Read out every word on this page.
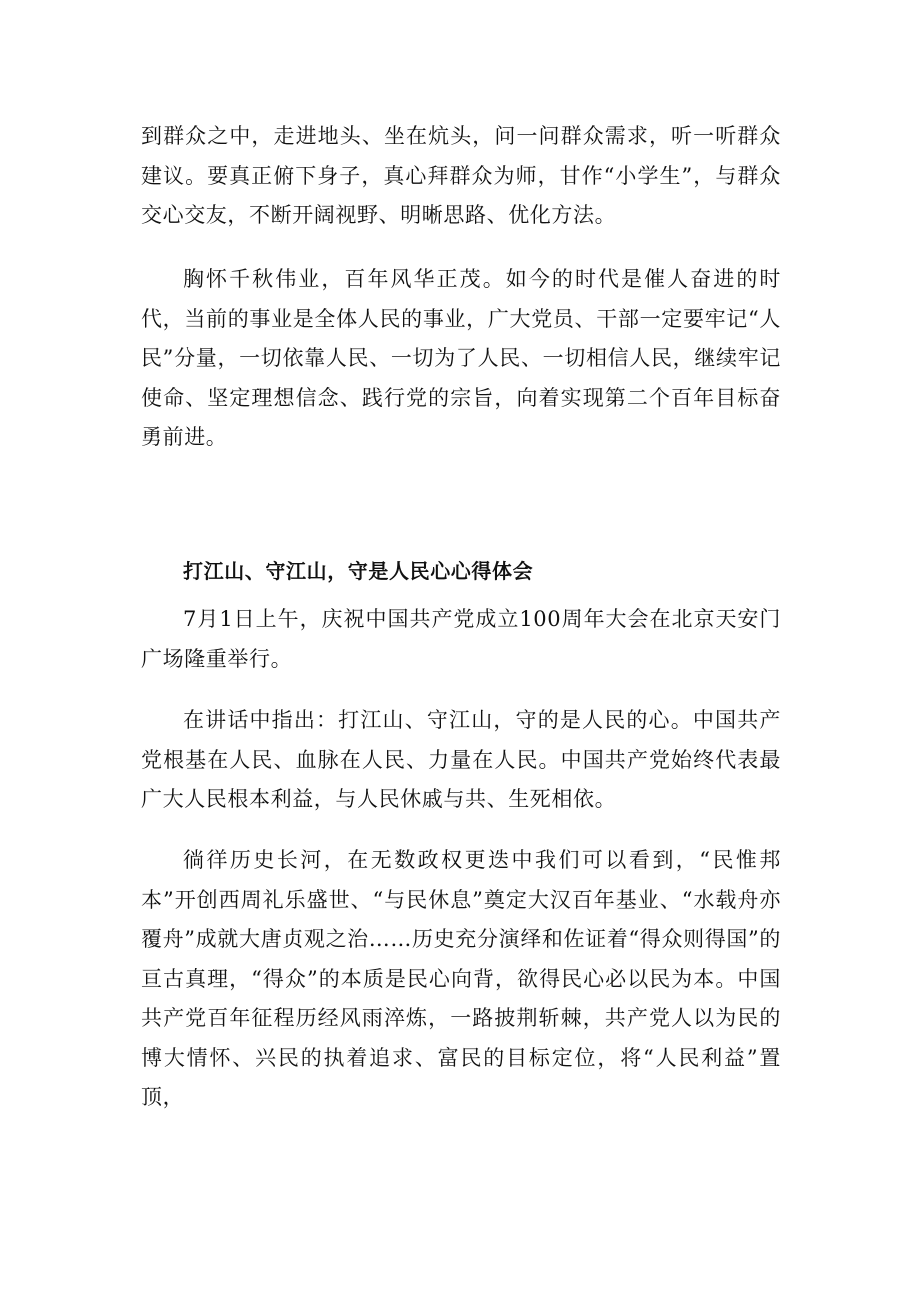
到群众之中，走进地头、坐在炕头，问一问群众需求，听一听群众建议。要真正俯下身子，真心拜群众为师，甘作“小学生”，与群众交心交友，不断开阔视野、明晰思路、优化方法。

胸怀千秋伟业，百年风华正茂。如今的时代是催人奋进的时代，当前的事业是全体人民的事业，广大党员、干部一定要牢记“人民”分量，一切依靠人民、一切为了人民、一切相信人民，继续牢记使命、坚定理想信念、践行党的宗旨，向着实现第二个百年目标奋勇前进。

打江山、守江山，守是人民心心得体会

7月1日上午，庆祝中国共产党成立100周年大会在北京天安门广场隆重举行。

在讲话中指出：打江山、守江山，守的是人民的心。中国共产党根基在人民、血脉在人民、力量在人民。中国共产党始终代表最广大人民根本利益，与人民休戚与共、生死相依。

徜徉历史长河，在无数政权更迭中我们可以看到，“民惟邦本”开创西周礼乐盛世、“与民休息”奠定大汉百年基业、“水载舟亦覆舟”成就大唐贞观之治……历史充分演绎和佐证着“得众则得国”的亘古真理，“得众”的本质是民心向背，欲得民心必以民为本。中国共产党百年征程历经风雨淬炼，一路披荆斩棘，共产党人以为民的博大情怀、兴民的执着追求、富民的目标定位，将“人民利益”置顶，
